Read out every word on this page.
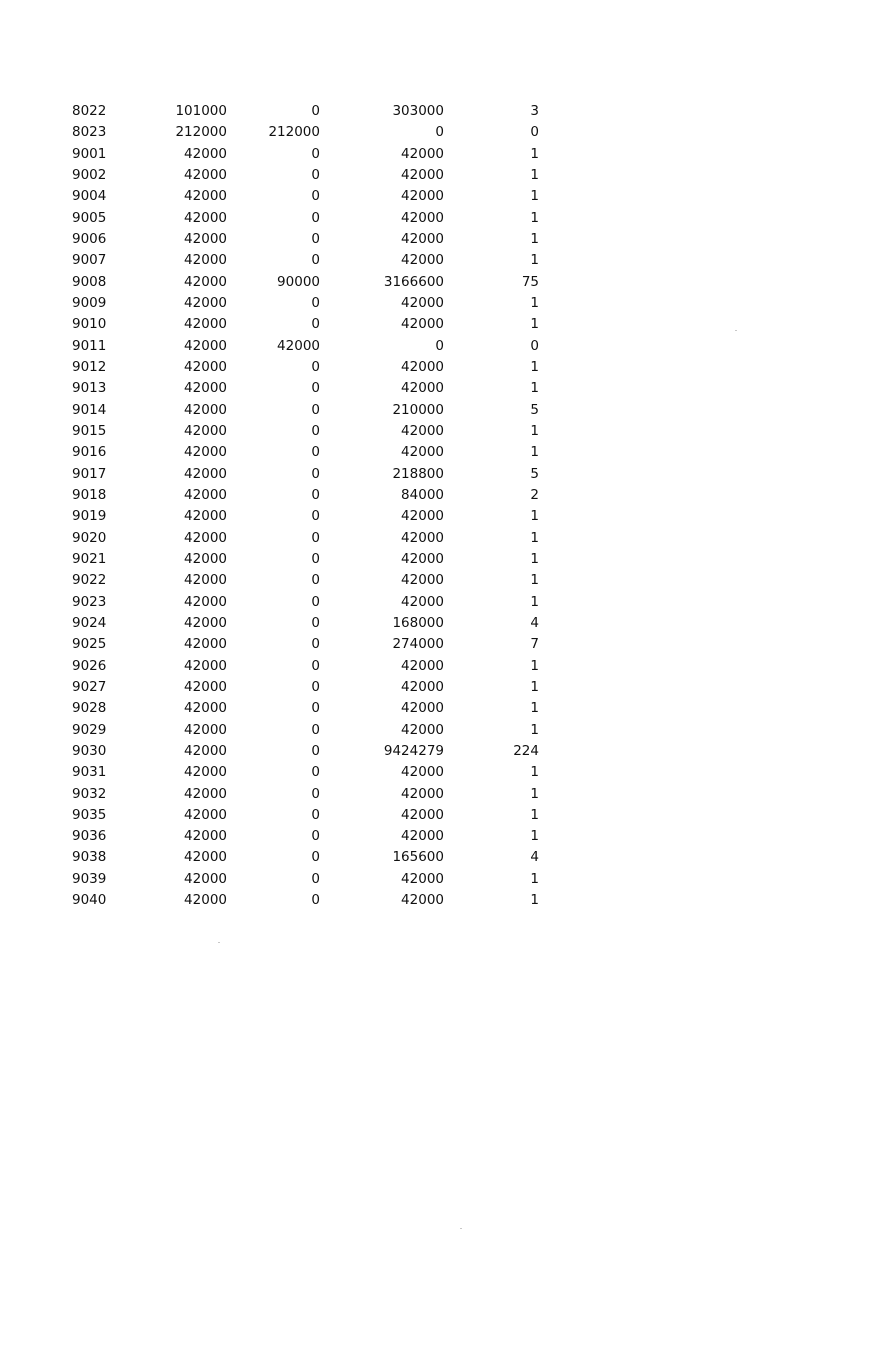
8022	101000	0	303000	3
8023	212000	212000	0	0
9001	42000	0	42000	1
9002	42000	0	42000	1
9004	42000	0	42000	1
9005	42000	0	42000	1
9006	42000	0	42000	1
9007	42000	0	42000	1
9008	42000	90000	3166600	75
9009	42000	0	42000	1
9010	42000	0	42000	1
9011	42000	42000	0	0
9012	42000	0	42000	1
9013	42000	0	42000	1
9014	42000	0	210000	5
9015	42000	0	42000	1
9016	42000	0	42000	1
9017	42000	0	218800	5
9018	42000	0	84000	2
9019	42000	0	42000	1
9020	42000	0	42000	1
9021	42000	0	42000	1
9022	42000	0	42000	1
9023	42000	0	42000	1
9024	42000	0	168000	4
9025	42000	0	274000	7
9026	42000	0	42000	1
9027	42000	0	42000	1
9028	42000	0	42000	1
9029	42000	0	42000	1
9030	42000	0	9424279	224
9031	42000	0	42000	1
9032	42000	0	42000	1
9035	42000	0	42000	1
9036	42000	0	42000	1
9038	42000	0	165600	4
9039	42000	0	42000	1
9040	42000	0	42000	1
